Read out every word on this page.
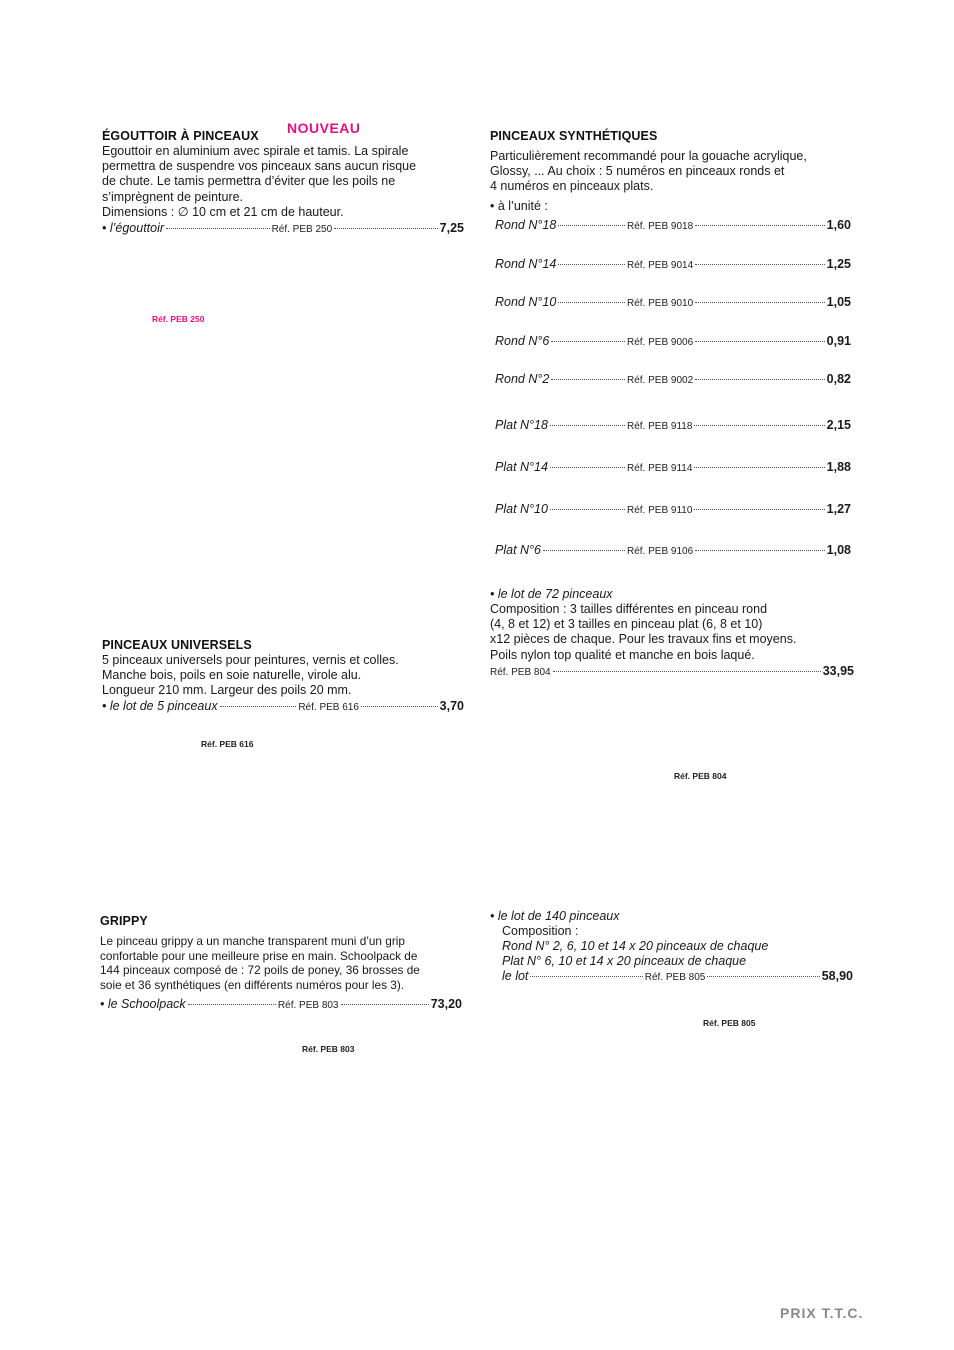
ÉGOUTTOIR À PINCEAUX NOUVEAU
Egouttoir en aluminium avec spirale et tamis. La spirale
permettra de suspendre vos pinceaux sans aucun risque
de chute. Le tamis permettra d’éviter que les poils ne
s’imprègnent de peinture.
Dimensions : ∅ 10 cm et 21 cm de hauteur.
• l’égouttoir	Réf. PEB 250	7,25
Réf. PEB 250
PINCEAUX UNIVERSELS
5 pinceaux universels pour peintures, vernis et colles.
Manche bois, poils en soie naturelle, virole alu.
Longueur 210 mm. Largeur des poils 20 mm.
• le lot de 5 pinceaux	Réf. PEB 616	3,70
Réf. PEB 616
GRIPPY
Le pinceau grippy a un manche transparent muni d’un grip
confortable pour une meilleure prise en main. Schoolpack de
144 pinceaux composé de : 72 poils de poney, 36 brosses de
soie et 36 synthétiques (en différents numéros pour les 3).
• le Schoolpack	Réf. PEB 803	73,20
Réf. PEB 803
PINCEAUX SYNTHÉTIQUES
Particulièrement recommandé pour la gouache acrylique,
Glossy, ... Au choix : 5 numéros en pinceaux ronds et
4 numéros en pinceaux plats.
• à l’unité :
Rond N°18	Réf. PEB 9018	1,60
Rond N°14	Réf. PEB 9014	1,25
Rond N°10	Réf. PEB 9010	1,05
Rond N°6	Réf. PEB 9006	0,91
Rond N°2	Réf. PEB 9002	0,82
Plat N°18	Réf. PEB 9118	2,15
Plat N°14	Réf. PEB 9114	1,88
Plat N°10	Réf. PEB 9110	1,27
Plat N°6	Réf. PEB 9106	1,08
• le lot de 72 pinceaux
Composition : 3 tailles différentes en pinceau rond
(4, 8 et 12) et 3 tailles en pinceau plat (6, 8 et 10)
x12 pièces de chaque. Pour les travaux fins et moyens.
Poils nylon top qualité et manche en bois laqué.
Réf. PEB 804	33,95
Réf. PEB 804
• le lot de 140 pinceaux
Composition :
Rond N° 2, 6, 10 et 14 x 20 pinceaux de chaque
Plat N° 6, 10 et 14 x 20 pinceaux de chaque
le lot	Réf. PEB 805	58,90
Réf. PEB 805
PRIX T.T.C.
